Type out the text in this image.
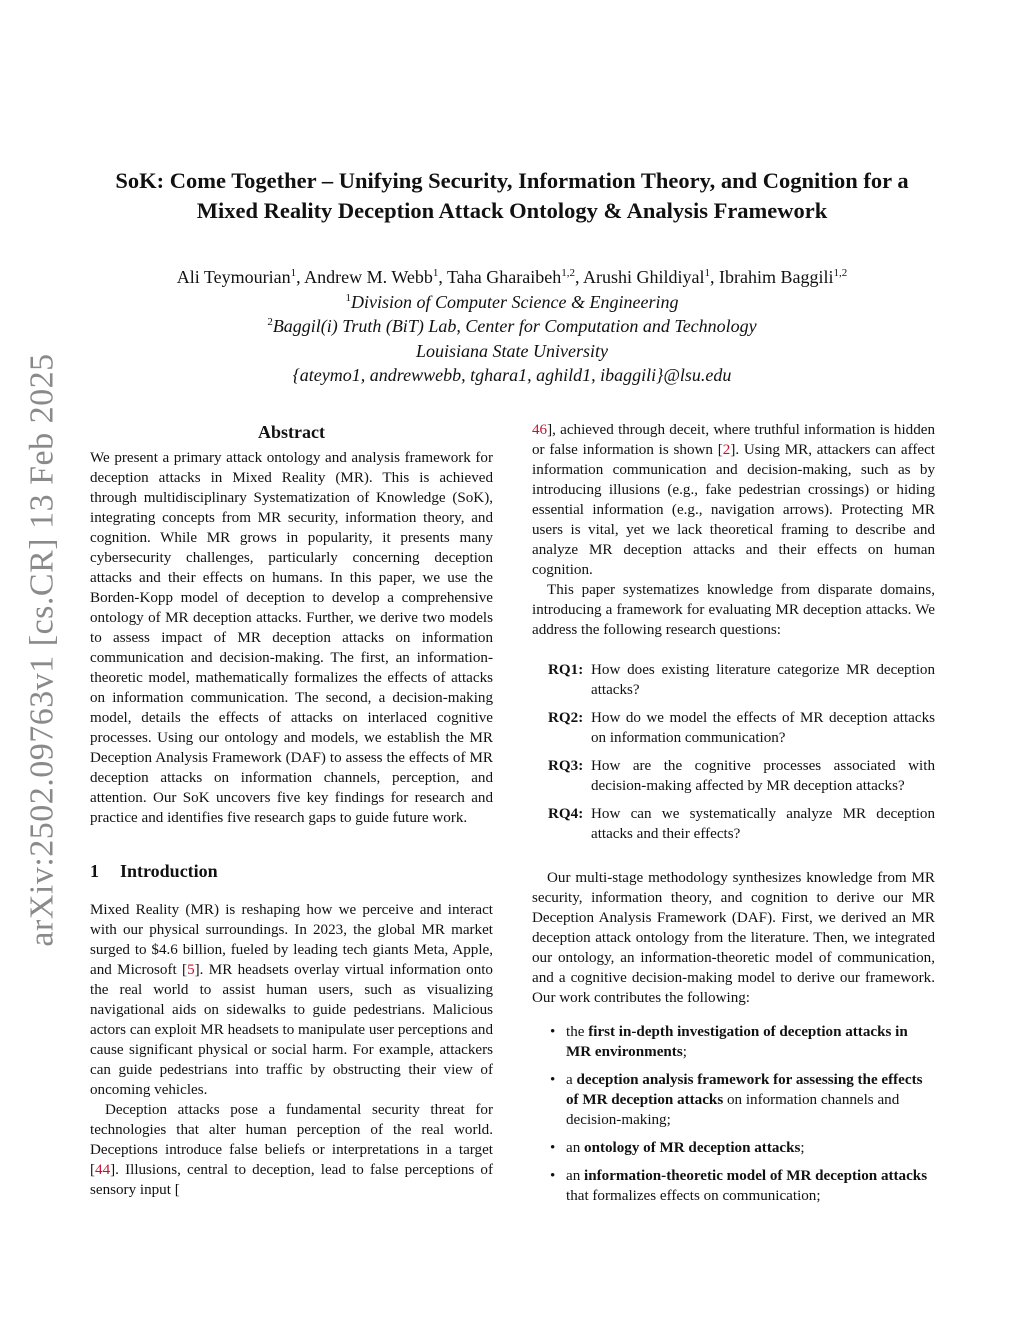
arXiv:2502.09763v1 [cs.CR] 13 Feb 2025
SoK: Come Together – Unifying Security, Information Theory, and Cognition for a
Mixed Reality Deception Attack Ontology & Analysis Framework
Ali Teymourian$^1$, Andrew M. Webb$^1$, Taha Gharaibeh$^{1,2}$, Arushi Ghildiyal$^1$, Ibrahim Baggili$^{1,2}$
$^1$Division of Computer Science & Engineering
$^2$Baggil(i) Truth (BiT) Lab, Center for Computation and Technology
Louisiana State University
{ateymo1, andrewwebb, tghara1, aghild1, ibaggili}@lsu.edu
Abstract

We present a primary attack ontology and analysis framework for deception attacks in Mixed Reality (MR). This is achieved through multidisciplinary Systematization of Knowledge (SoK), integrating concepts from MR security, information theory, and cognition. While MR grows in popularity, it presents many cybersecurity challenges, particularly concerning deception attacks and their effects on humans. In this paper, we use the Borden-Kopp model of deception to develop a comprehensive ontology of MR deception attacks. Further, we derive two models to assess impact of MR deception attacks on information communication and decision-making. The first, an information-theoretic model, mathematically formalizes the effects of attacks on information communication. The second, a decision-making model, details the effects of attacks on interlaced cognitive processes. Using our ontology and models, we establish the MR Deception Analysis Framework (DAF) to assess the effects of MR deception attacks on information channels, perception, and attention. Our SoK uncovers five key findings for research and practice and identifies five research gaps to guide future work.

1 Introduction

Mixed Reality (MR) is reshaping how we perceive and interact with our physical surroundings. In 2023, the global MR market surged to $4.6 billion, fueled by leading tech giants Meta, Apple, and Microsoft [5]. MR headsets overlay virtual information onto the real world to assist human users, such as visualizing navigational aids on sidewalks to guide pedestrians. Malicious actors can exploit MR headsets to manipulate user perceptions and cause significant physical or social harm. For example, attackers can guide pedestrians into traffic by obstructing their view of oncoming vehicles.

Deception attacks pose a fundamental security threat for technologies that alter human perception of the real world. Deceptions introduce false beliefs or interpretations in a target [44]. Illusions, central to deception, lead to false perceptions of sensory input [

46], achieved through deceit, where truthful information is hidden or false information is shown [2]. Using MR, attackers can affect information communication and decision-making, such as by introducing illusions (e.g., fake pedestrian crossings) or hiding essential information (e.g., navigation arrows). Protecting MR users is vital, yet we lack theoretical framing to describe and analyze MR deception attacks and their effects on human cognition.

This paper systematizes knowledge from disparate domains, introducing a framework for evaluating MR deception attacks. We address the following research questions:

RQ1: How does existing literature categorize MR deception attacks?
RQ2: How do we model the effects of MR deception attacks on information communication?
RQ3: How are the cognitive processes associated with decision-making affected by MR deception attacks?
RQ4: How can we systematically analyze MR deception attacks and their effects?

Our multi-stage methodology synthesizes knowledge from MR security, information theory, and cognition to derive our MR Deception Analysis Framework (DAF). First, we derived an MR deception attack ontology from the literature. Then, we integrated our ontology, an information-theoretic model of communication, and a cognitive decision-making model to derive our framework. Our work contributes the following:

• the first in-depth investigation of deception attacks in MR environments;
• a deception analysis framework for assessing the effects of MR deception attacks on information channels and decision-making;
• an ontology of MR deception attacks;
• an information-theoretic model of MR deception attacks that formalizes effects on communication;
